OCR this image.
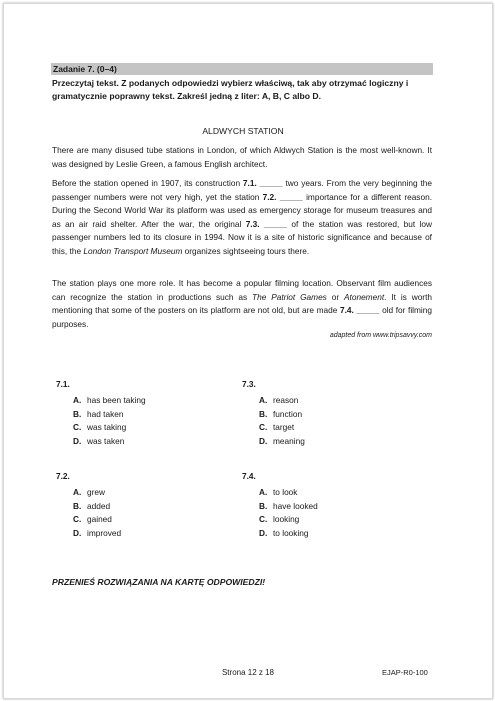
Zadanie 7. (0–4)
Przeczytaj tekst. Z podanych odpowiedzi wybierz właściwą, tak aby otrzymać logiczny i gramatycznie poprawny tekst. Zakreśl jedną z liter: A, B, C albo D.
ALDWYCH STATION

There are many disused tube stations in London, of which Aldwych Station is the most well-known. It was designed by Leslie Green, a famous English architect.

Before the station opened in 1907, its construction 7.1. _____ two years. From the very beginning the passenger numbers were not very high, yet the station 7.2. _____ importance for a different reason. During the Second World War its platform was used as emergency storage for museum treasures and as an air raid shelter. After the war, the original 7.3. _____ of the station was restored, but low passenger numbers led to its closure in 1994. Now it is a site of historic significance and because of this, the London Transport Museum organizes sightseeing tours there.

The station plays one more role. It has become a popular filming location. Observant film audiences can recognize the station in productions such as The Patriot Games or Atonement. It is worth mentioning that some of the posters on its platform are not old, but are made 7.4. _____ old for filming purposes.

adapted from www.tripsavvy.com
7.1.
A. has been taking
B. had taken
C. was taking
D. was taken
7.3.
A. reason
B. function
C. target
D. meaning
7.2.
A. grew
B. added
C. gained
D. improved
7.4.
A. to look
B. have looked
C. looking
D. to looking
PRZENIEŚ ROZWIĄZANIA NA KARTĘ ODPOWIEDZI!
Strona 12 z 18	EJAP-R0-100
